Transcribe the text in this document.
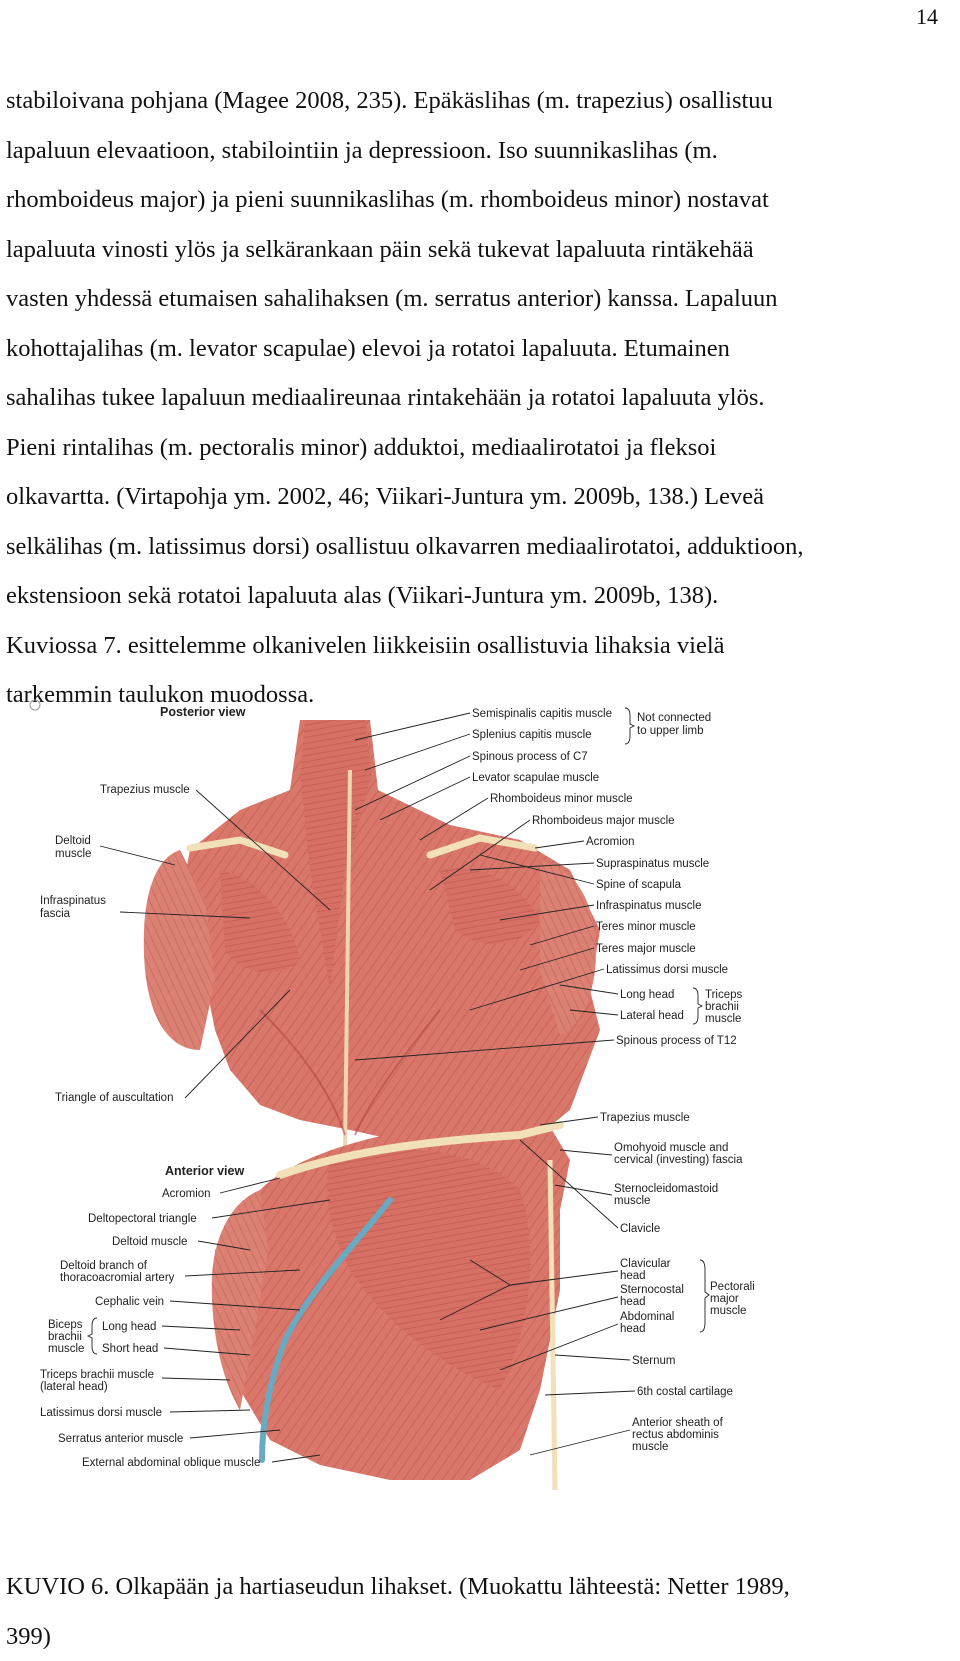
14
stabiloivana pohjana (Magee 2008, 235). Epäkäslihas (m. trapezius) osallistuu
lapaluun elevaatioon, stabilointiin ja depressioon. Iso suunnikaslihas (m.
rhomboideus major) ja pieni suunnikaslihas (m. rhomboideus minor) nostavat
lapaluuta vinosti ylös ja selkärankaan päin sekä tukevat lapaluuta rintäkehää
vasten yhdessä etumaisen sahalihaksen (m. serratus anterior) kanssa. Lapaluun
kohottajalihas (m. levator scapulae) elevoi ja rotatoi lapaluuta. Etumainen
sahalihas tukee lapaluun mediaalireunaa rintakehään ja rotatoi lapaluuta ylös.
Pieni rintalihas (m. pectoralis minor) adduktoi, mediaalirotatoi ja fleksoi
olkavartta. (Virtapohja ym. 2002, 46; Viikari-Juntura ym. 2009b, 138.) Leveä
selkälihas (m. latissimus dorsi) osallistuu olkavarren mediaalirotatoi, adduktioon,
ekstensioon sekä rotatoi lapaluuta alas (Viikari-Juntura ym. 2009b, 138).
Kuviossa 7. esittelemme olkanivelen liikkeisiin osallistuvia lihaksia vielä
tarkemmin taulukon muodossa.
Posterior view
Trapezius muscle
Deltoid
muscle
Infraspinatus
fascia
Triangle of auscultation
Semispinalis capitis muscle
Splenius capitis muscle
Not connected
to upper limb
Spinous process of C7
Levator scapulae muscle
Rhomboideus minor muscle
Rhomboideus major muscle
Acromion
Supraspinatus muscle
Spine of scapula
Infraspinatus muscle
Teres minor muscle
Teres major muscle
Latissimus dorsi muscle
Long head
Lateral head
Triceps
brachii
muscle
Spinous process of T12
Anterior view
Acromion
Deltopectoral triangle
Deltoid muscle
Deltoid branch of
thoracoacromial artery
Cephalic vein
Biceps
brachii
muscle
Long head
Short head
Triceps brachii muscle
(lateral head)
Latissimus dorsi muscle
Serratus anterior muscle
External abdominal oblique muscle
Trapezius muscle
Omohyoid muscle and
cervical (investing) fascia
Sternocleidomastoid
muscle
Clavicle
Clavicular
head
Sternocostal
head
Abdominal
head
Pectorali
major
muscle
Sternum
6th costal cartilage
Anterior sheath of
rectus abdominis
muscle
KUVIO 6. Olkapään ja hartiaseudun lihakset. (Muokattu lähteestä: Netter 1989,
399)
